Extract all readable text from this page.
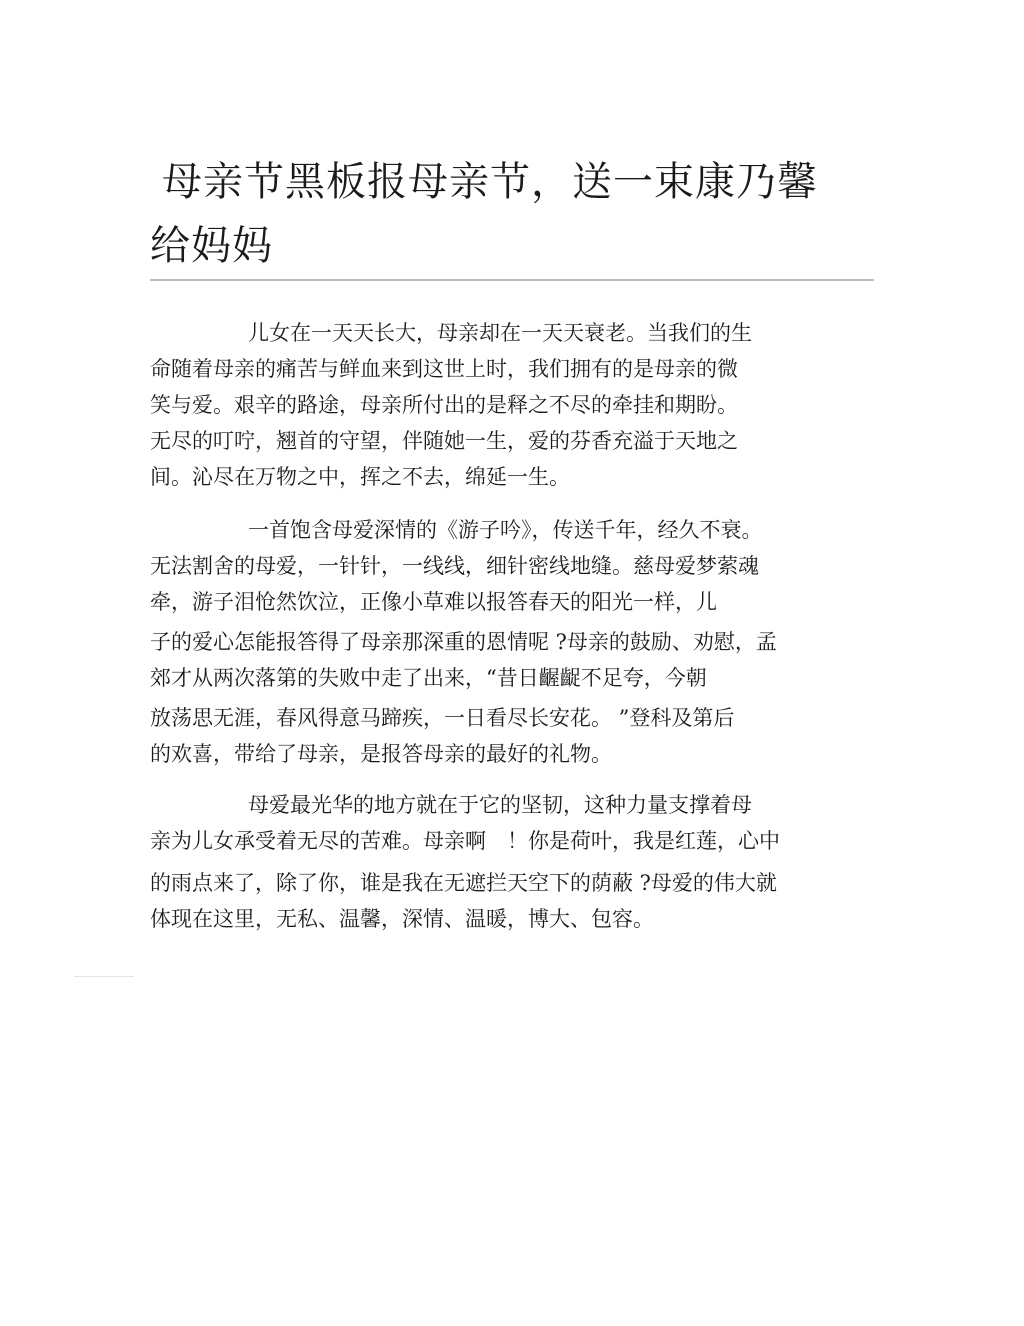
母亲节黑板报母亲节，送一束康乃馨
给妈妈

儿女在一天天长大，母亲却在一天天衰老。当我们的生
命随着母亲的痛苦与鲜血来到这世上时，我们拥有的是母亲的微
笑与爱。艰辛的路途，母亲所付出的是释之不尽的牵挂和期盼。
无尽的叮咛，翘首的守望，伴随她一生，爱的芬香充溢于天地之
间。沁尽在万物之中，挥之不去，绵延一生。

一首饱含母爱深情的《游子吟》，传送千年，经久不衰。
无法割舍的母爱，一针针，一线线，细针密线地缝。慈母爱梦萦魂
牵，游子泪怆然饮泣，正像小草难以报答春天的阳光一样，儿
子的爱心怎能报答得了母亲那深重的恩情呢 ?母亲的鼓励、劝慰，孟
郊才从两次落第的失败中走了出来，“昔日齷齪不足夸，今朝
放荡思无涯，春风得意马蹄疾，一日看尽长安花。 ”登科及第后
的欢喜，带给了母亲，是报答母亲的最好的礼物。

母爱最光华的地方就在于它的坚韧，这种力量支撑着母
亲为儿女承受着无尽的苦难。母亲啊　！你是荷叶，我是红莲，心中
的雨点来了，除了你，谁是我在无遮拦天空下的荫蔽 ?母爱的伟大就
体现在这里，无私、温馨，深情、温暖，博大、包容。
